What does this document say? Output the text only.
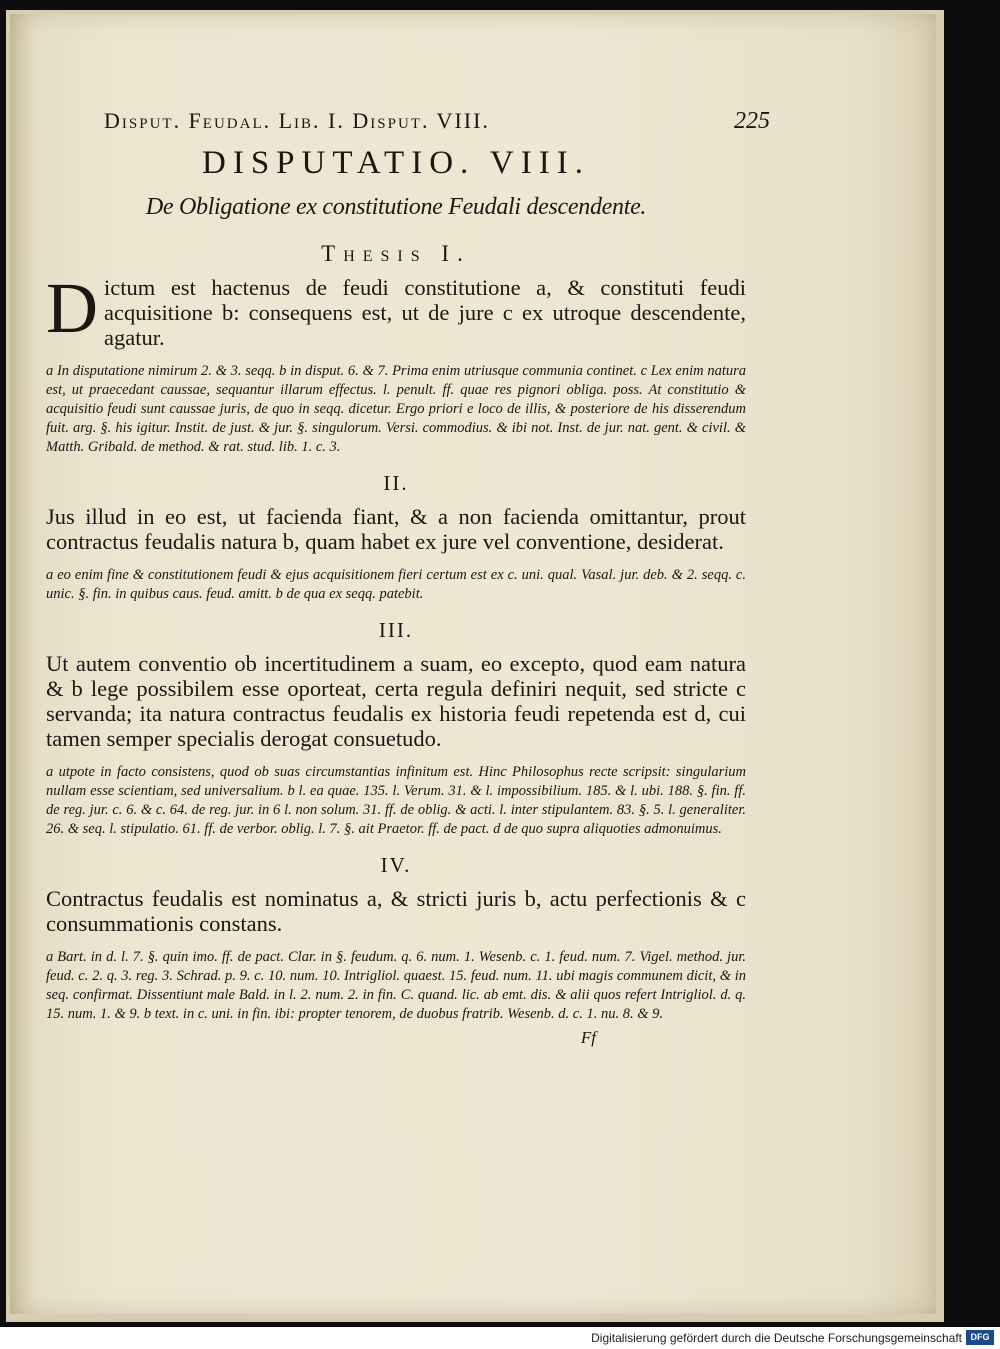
Disput. Feudal. Lib. I. Disput. VIII.	225
DISPUTATIO. VIII.
De Obligatione ex constitutione Feudali descendente.
Thesis I.
Dictum est hactenus de feudi constitutione a, & constituti feudi acquisitione b: consequens est, ut de jure c ex utroque descendente, agatur.
a In disputatione nimirum 2. & 3. seqq. b in disput. 6. & 7. Prima enim utriusque communia continet. c Lex enim natura est, ut praecedant caussae, sequantur illarum effectus. l. penult. ff. quae res pignori obliga. poss. At constitutio & acquisitio feudi sunt caussae juris, de quo in seqq. dicetur. Ergo priori e loco de illis, & posteriore de his disserendum fuit. arg. §. his igitur. Instit. de just. & jur. §. singulorum. Versi. commodius. & ibi not. Inst. de jur. nat. gent. & civil. & Matth. Gribald. de method. & rat. stud. lib. 1. c. 3.
II.
Jus illud in eo est, ut facienda fiant, & a non facienda omittantur, prout contractus feudalis natura b, quam habet ex jure vel conventione, desiderat.
a eo enim fine & constitutionem feudi & ejus acquisitionem fieri certum est ex c. uni. qual. Vasal. jur. deb. & 2. seqq. c. unic. §. fin. in quibus caus. feud. amitt. b de qua ex seqq. patebit.
III.
Ut autem conventio ob incertitudinem a suam, eo excepto, quod eam natura & b lege possibilem esse oporteat, certa regula definiri nequit, sed stricte c servanda; ita natura contractus feudalis ex historia feudi repetenda est d, cui tamen semper specialis derogat consuetudo.
a utpote in facto consistens, quod ob suas circumstantias infinitum est. Hinc Philosophus recte scripsit: singularium nullam esse scientiam, sed universalium. b l. ea quae. 135. l. Verum. 31. & l. impossibilium. 185. & l. ubi. 188. §. fin. ff. de reg. jur. c. 6. & c. 64. de reg. jur. in 6 l. non solum. 31. ff. de oblig. & acti. l. inter stipulantem. 83. §. 5. l. generaliter. 26. & seq. l. stipulatio. 61. ff. de verbor. oblig. l. 7. §. ait Praetor. ff. de pact. d de quo supra aliquoties admonuimus.
IV.
Contractus feudalis est nominatus a, & stricti juris b, actu perfectionis & c consummationis constans.
a Bart. in d. l. 7. §. quin imo. ff. de pact. Clar. in §. feudum. q. 6. num. 1. Wesenb. c. 1. feud. num. 7. Vigel. method. jur. feud. c. 2. q. 3. reg. 3. Schrad. p. 9. c. 10. num. 10. Intrigliol. quaest. 15. feud. num. 11. ubi magis communem dicit, & in seq. confirmat. Dissentiunt male Bald. in l. 2. num. 2. in fin. C. quand. lic. ab emt. dis. & alii quos refert Intrigliol. d. q. 15. num. 1. & 9. b text. in c. uni. in fin. ibi: propter tenorem, de duobus fratrib. Wesenb. d. c. 1. nu. 8. & 9.
Ff
Digitalisierung gefördert durch die Deutsche Forschungsgemeinschaft DFG
